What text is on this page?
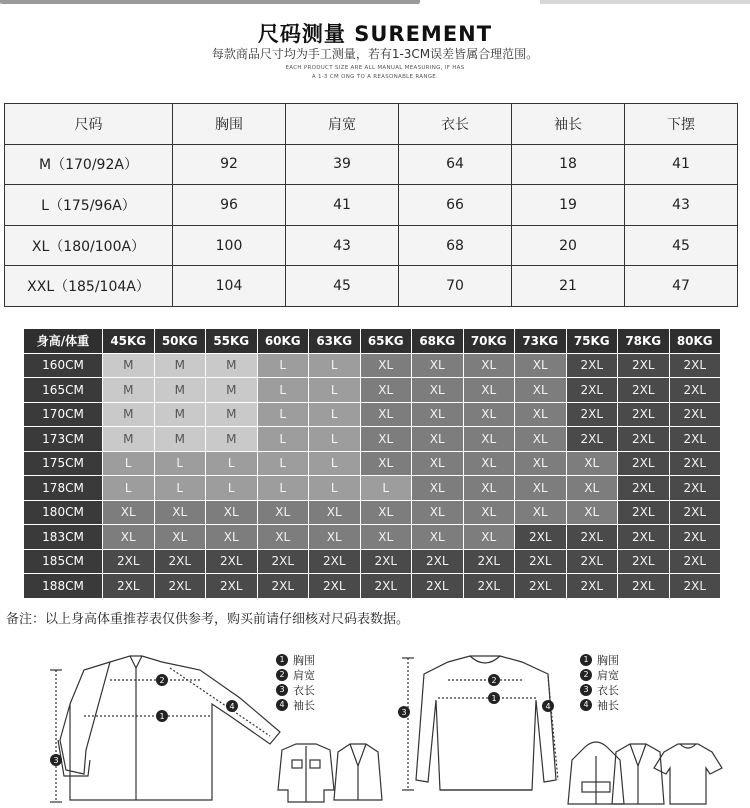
尺码测量 SUREMENT
每款商品尺寸均为手工测量，若有1-3CM误差皆属合理范围。
EACH PRODUCT SIZE ARE ALL MANUAL MEASURING, IF HAS
A 1-3 CM ONG TO A REASONABLE RANGE.
尺码	胸围	肩宽	衣长	袖长	下摆
M（170/92A）	92	39	64	18	41
L（175/96A）	96	41	66	19	43
XL（180/100A）	100	43	68	20	45
XXL（185/104A）	104	45	70	21	47
身高/体重	45KG	50KG	55KG	60KG	63KG	65KG	68KG	70KG	73KG	75KG	78KG	80KG
160CM	M	M	M	L	L	XL	XL	XL	XL	2XL	2XL	2XL
165CM	M	M	M	L	L	XL	XL	XL	XL	2XL	2XL	2XL
170CM	M	M	M	L	L	XL	XL	XL	XL	2XL	2XL	2XL
173CM	M	M	M	L	L	XL	XL	XL	XL	2XL	2XL	2XL
175CM	L	L	L	L	L	XL	XL	XL	XL	XL	2XL	2XL
178CM	L	L	L	L	L	L	XL	XL	XL	XL	2XL	2XL
180CM	XL	XL	XL	XL	XL	XL	XL	XL	XL	XL	2XL	2XL
183CM	XL	XL	XL	XL	XL	XL	XL	XL	2XL	2XL	2XL	2XL
185CM	2XL	2XL	2XL	2XL	2XL	2XL	2XL	2XL	2XL	2XL	2XL	2XL
188CM	2XL	2XL	2XL	2XL	2XL	2XL	2XL	2XL	2XL	2XL	2XL	2XL
备注：以上身高体重推荐表仅供参考，购买前请仔细核对尺码表数据。
1
2
3
4
1
2
3
4
1 胸围
2 肩宽
3 衣长
4 袖长
1 胸围
2 肩宽
3 衣长
4 袖长
